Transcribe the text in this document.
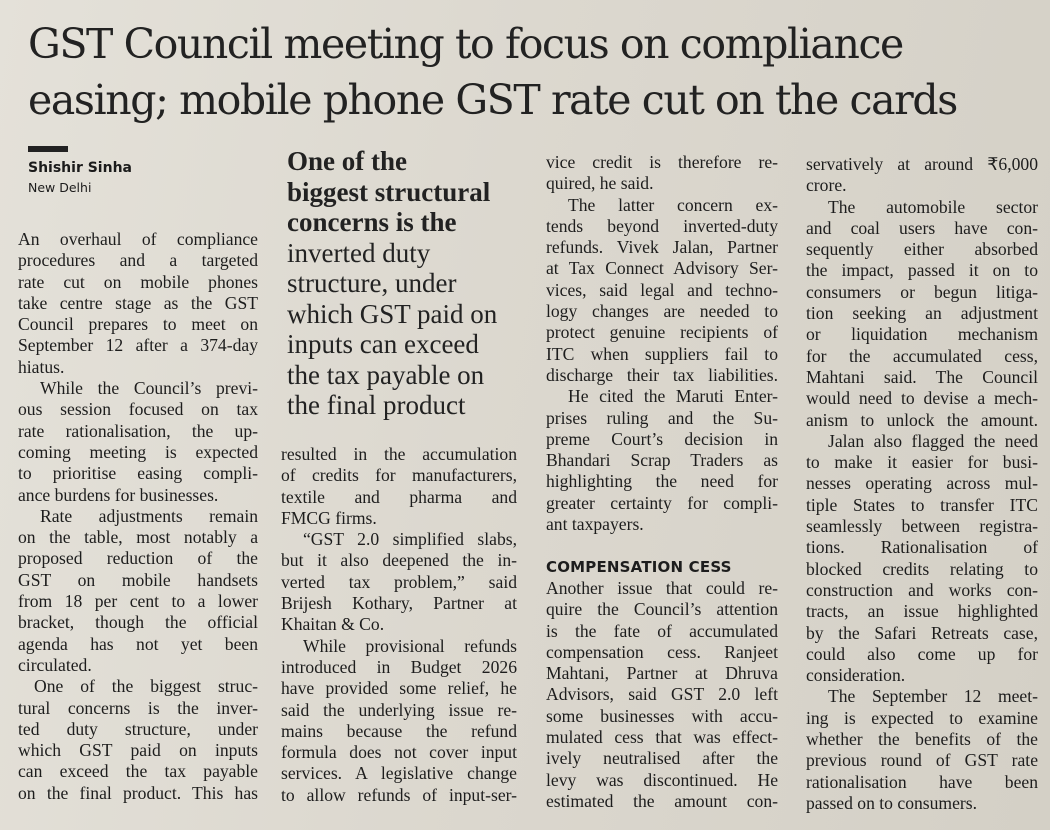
GST Council meeting to focus on compliance
easing; mobile phone GST rate cut on the cards
Shishir Sinha
New Delhi
An overhaul of compliance
procedures and a targeted
rate cut on mobile phones
take centre stage as the GST
Council prepares to meet on
September 12 after a 374-day
hiatus.
While the Council’s previ-
ous session focused on tax
rate rationalisation, the up-
coming meeting is expected
to prioritise easing compli-
ance burdens for businesses.
Rate adjustments remain
on the table, most notably a
proposed reduction of the
GST on mobile handsets
from 18 per cent to a lower
bracket, though the official
agenda has not yet been
circulated.
One of the biggest struc-
tural concerns is the inver-
ted duty structure, under
which GST paid on inputs
can exceed the tax payable
on the final product. This has
One of the
biggest structural
concerns is the
inverted duty
structure, under
which GST paid on
inputs can exceed
the tax payable on
the final product
resulted in the accumulation
of credits for manufacturers,
textile and pharma and
FMCG firms.
“GST 2.0 simplified slabs,
but it also deepened the in-
verted tax problem,” said
Brijesh Kothary, Partner at
Khaitan & Co.
While provisional refunds
introduced in Budget 2026
have provided some relief, he
said the underlying issue re-
mains because the refund
formula does not cover input
services. A legislative change
to allow refunds of input-ser-
vice credit is therefore re-
quired, he said.
The latter concern ex-
tends beyond inverted-duty
refunds. Vivek Jalan, Partner
at Tax Connect Advisory Ser-
vices, said legal and techno-
logy changes are needed to
protect genuine recipients of
ITC when suppliers fail to
discharge their tax liabilities.
He cited the Maruti Enter-
prises ruling and the Su-
preme Court’s decision in
Bhandari Scrap Traders as
highlighting the need for
greater certainty for compli-
ant taxpayers.
COMPENSATION CESS
Another issue that could re-
quire the Council’s attention
is the fate of accumulated
compensation cess. Ranjeet
Mahtani, Partner at Dhruva
Advisors, said GST 2.0 left
some businesses with accu-
mulated cess that was effect-
ively neutralised after the
levy was discontinued. He
estimated the amount con-
servatively at around ₹6,000
crore.
The automobile sector
and coal users have con-
sequently either absorbed
the impact, passed it on to
consumers or begun litiga-
tion seeking an adjustment
or liquidation mechanism
for the accumulated cess,
Mahtani said. The Council
would need to devise a mech-
anism to unlock the amount.
Jalan also flagged the need
to make it easier for busi-
nesses operating across mul-
tiple States to transfer ITC
seamlessly between registra-
tions. Rationalisation of
blocked credits relating to
construction and works con-
tracts, an issue highlighted
by the Safari Retreats case,
could also come up for
consideration.
The September 12 meet-
ing is expected to examine
whether the benefits of the
previous round of GST rate
rationalisation have been
passed on to consumers.
